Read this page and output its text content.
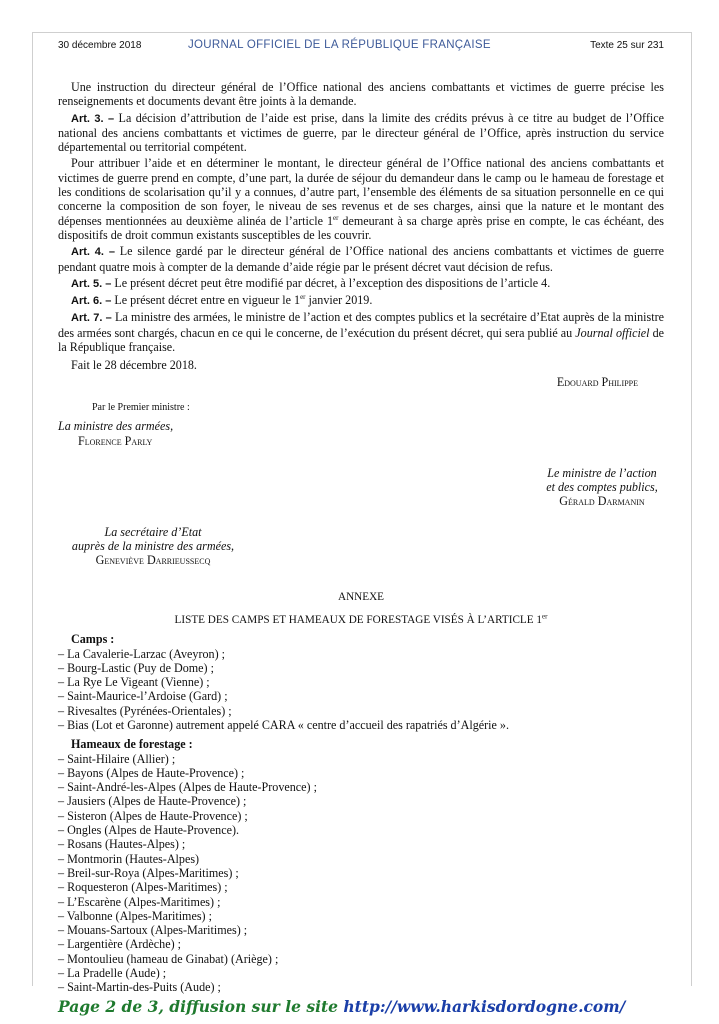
30 décembre 2018	JOURNAL OFFICIEL DE LA RÉPUBLIQUE FRANÇAISE	Texte 25 sur 231

Une instruction du directeur général de l’Office national des anciens combattants et victimes de guerre précise les renseignements et documents devant être joints à la demande.

Art. 3. – La décision d’attribution de l’aide est prise, dans la limite des crédits prévus à ce titre au budget de l’Office national des anciens combattants et victimes de guerre, par le directeur général de l’Office, après instruction du service départemental ou territorial compétent.

Pour attribuer l’aide et en déterminer le montant, le directeur général de l’Office national des anciens combattants et victimes de guerre prend en compte, d’une part, la durée de séjour du demandeur dans le camp ou le hameau de forestage et les conditions de scolarisation qu’il y a connues, d’autre part, l’ensemble des éléments de sa situation personnelle en ce qui concerne la composition de son foyer, le niveau de ses revenus et de ses charges, ainsi que la nature et le montant des dépenses mentionnées au deuxième alinéa de l’article 1er demeurant à sa charge après prise en compte, le cas échéant, des dispositifs de droit commun existants susceptibles de les couvrir.

Art. 4. – Le silence gardé par le directeur général de l’Office national des anciens combattants et victimes de guerre pendant quatre mois à compter de la demande d’aide régie par le présent décret vaut décision de refus.

Art. 5. – Le présent décret peut être modifié par décret, à l’exception des dispositions de l’article 4.

Art. 6. – Le présent décret entre en vigueur le 1er janvier 2019.

Art. 7. – La ministre des armées, le ministre de l’action et des comptes publics et la secrétaire d’Etat auprès de la ministre des armées sont chargés, chacun en ce qui le concerne, de l’exécution du présent décret, qui sera publié au Journal officiel de la République française.

Fait le 28 décembre 2018.

Edouard Philippe
Par le Premier ministre :
La ministre des armées,
Florence Parly
Le ministre de l’action
et des comptes publics,
Gérald Darmanin
La secrétaire d’Etat
auprès de la ministre des armées,
Geneviève Darrieussecq
ANNEXE
LISTE DES CAMPS ET HAMEAUX DE FORESTAGE VISÉS À L’ARTICLE 1er
Camps :
– La Cavalerie-Larzac (Aveyron) ;
– Bourg-Lastic (Puy de Dome) ;
– La Rye Le Vigeant (Vienne) ;
– Saint-Maurice-l’Ardoise (Gard) ;
– Rivesaltes (Pyrénées-Orientales) ;
– Bias (Lot et Garonne) autrement appelé CARA « centre d’accueil des rapatriés d’Algérie ».
Hameaux de forestage :
– Saint-Hilaire (Allier) ;
– Bayons (Alpes de Haute-Provence) ;
– Saint-André-les-Alpes (Alpes de Haute-Provence) ;
– Jausiers (Alpes de Haute-Provence) ;
– Sisteron (Alpes de Haute-Provence) ;
– Ongles (Alpes de Haute-Provence).
– Rosans (Hautes-Alpes) ;
– Montmorin (Hautes-Alpes)
– Breil-sur-Roya (Alpes-Maritimes) ;
– Roquesteron (Alpes-Maritimes) ;
– L’Escarène (Alpes-Maritimes) ;
– Valbonne (Alpes-Maritimes) ;
– Mouans-Sartoux (Alpes-Maritimes) ;
– Largentière (Ardèche) ;
– Montoulieu (hameau de Ginabat) (Ariège) ;
– La Pradelle (Aude) ;
– Saint-Martin-des-Puits (Aude) ;
Page 2 de 3, diffusion sur le site http://www.harkisdordogne.com/
